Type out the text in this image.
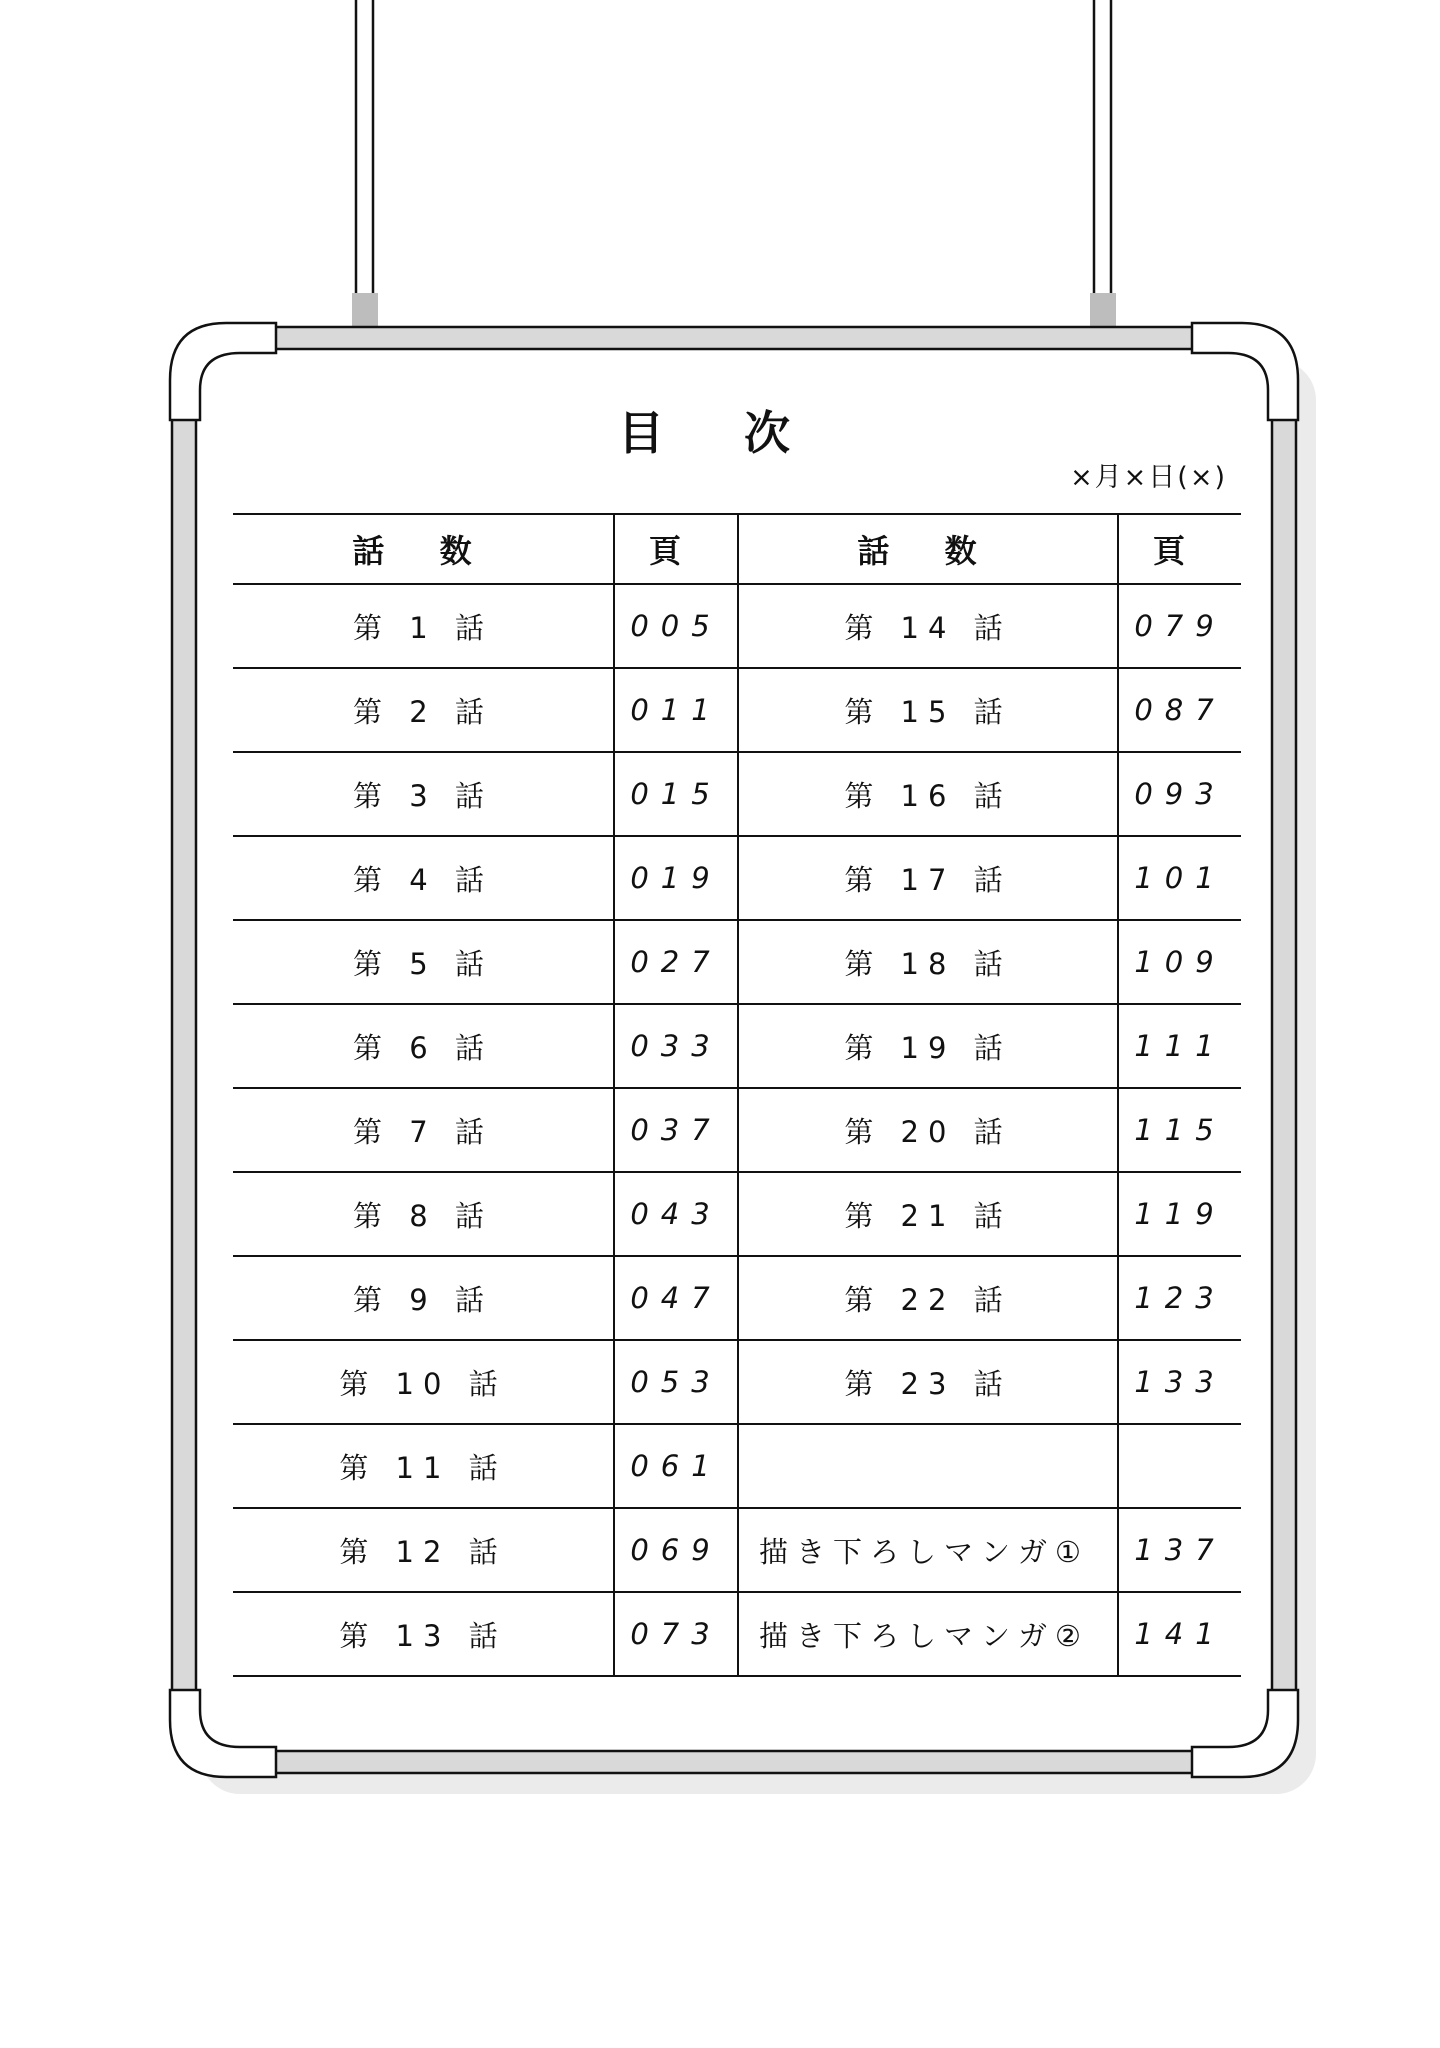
目 次
×月×日(×)
話 数	頁	話 数	頁
第 1 話	005	第 14 話	079
第 2 話	011	第 15 話	087
第 3 話	015	第 16 話	093
第 4 話	019	第 17 話	101
第 5 話	027	第 18 話	109
第 6 話	033	第 19 話	111
第 7 話	037	第 20 話	115
第 8 話	043	第 21 話	119
第 9 話	047	第 22 話	123
第 10 話	053	第 23 話	133
第 11 話	061		
第 12 話	069	描き下ろしマンガ①	137
第 13 話	073	描き下ろしマンガ②	141
